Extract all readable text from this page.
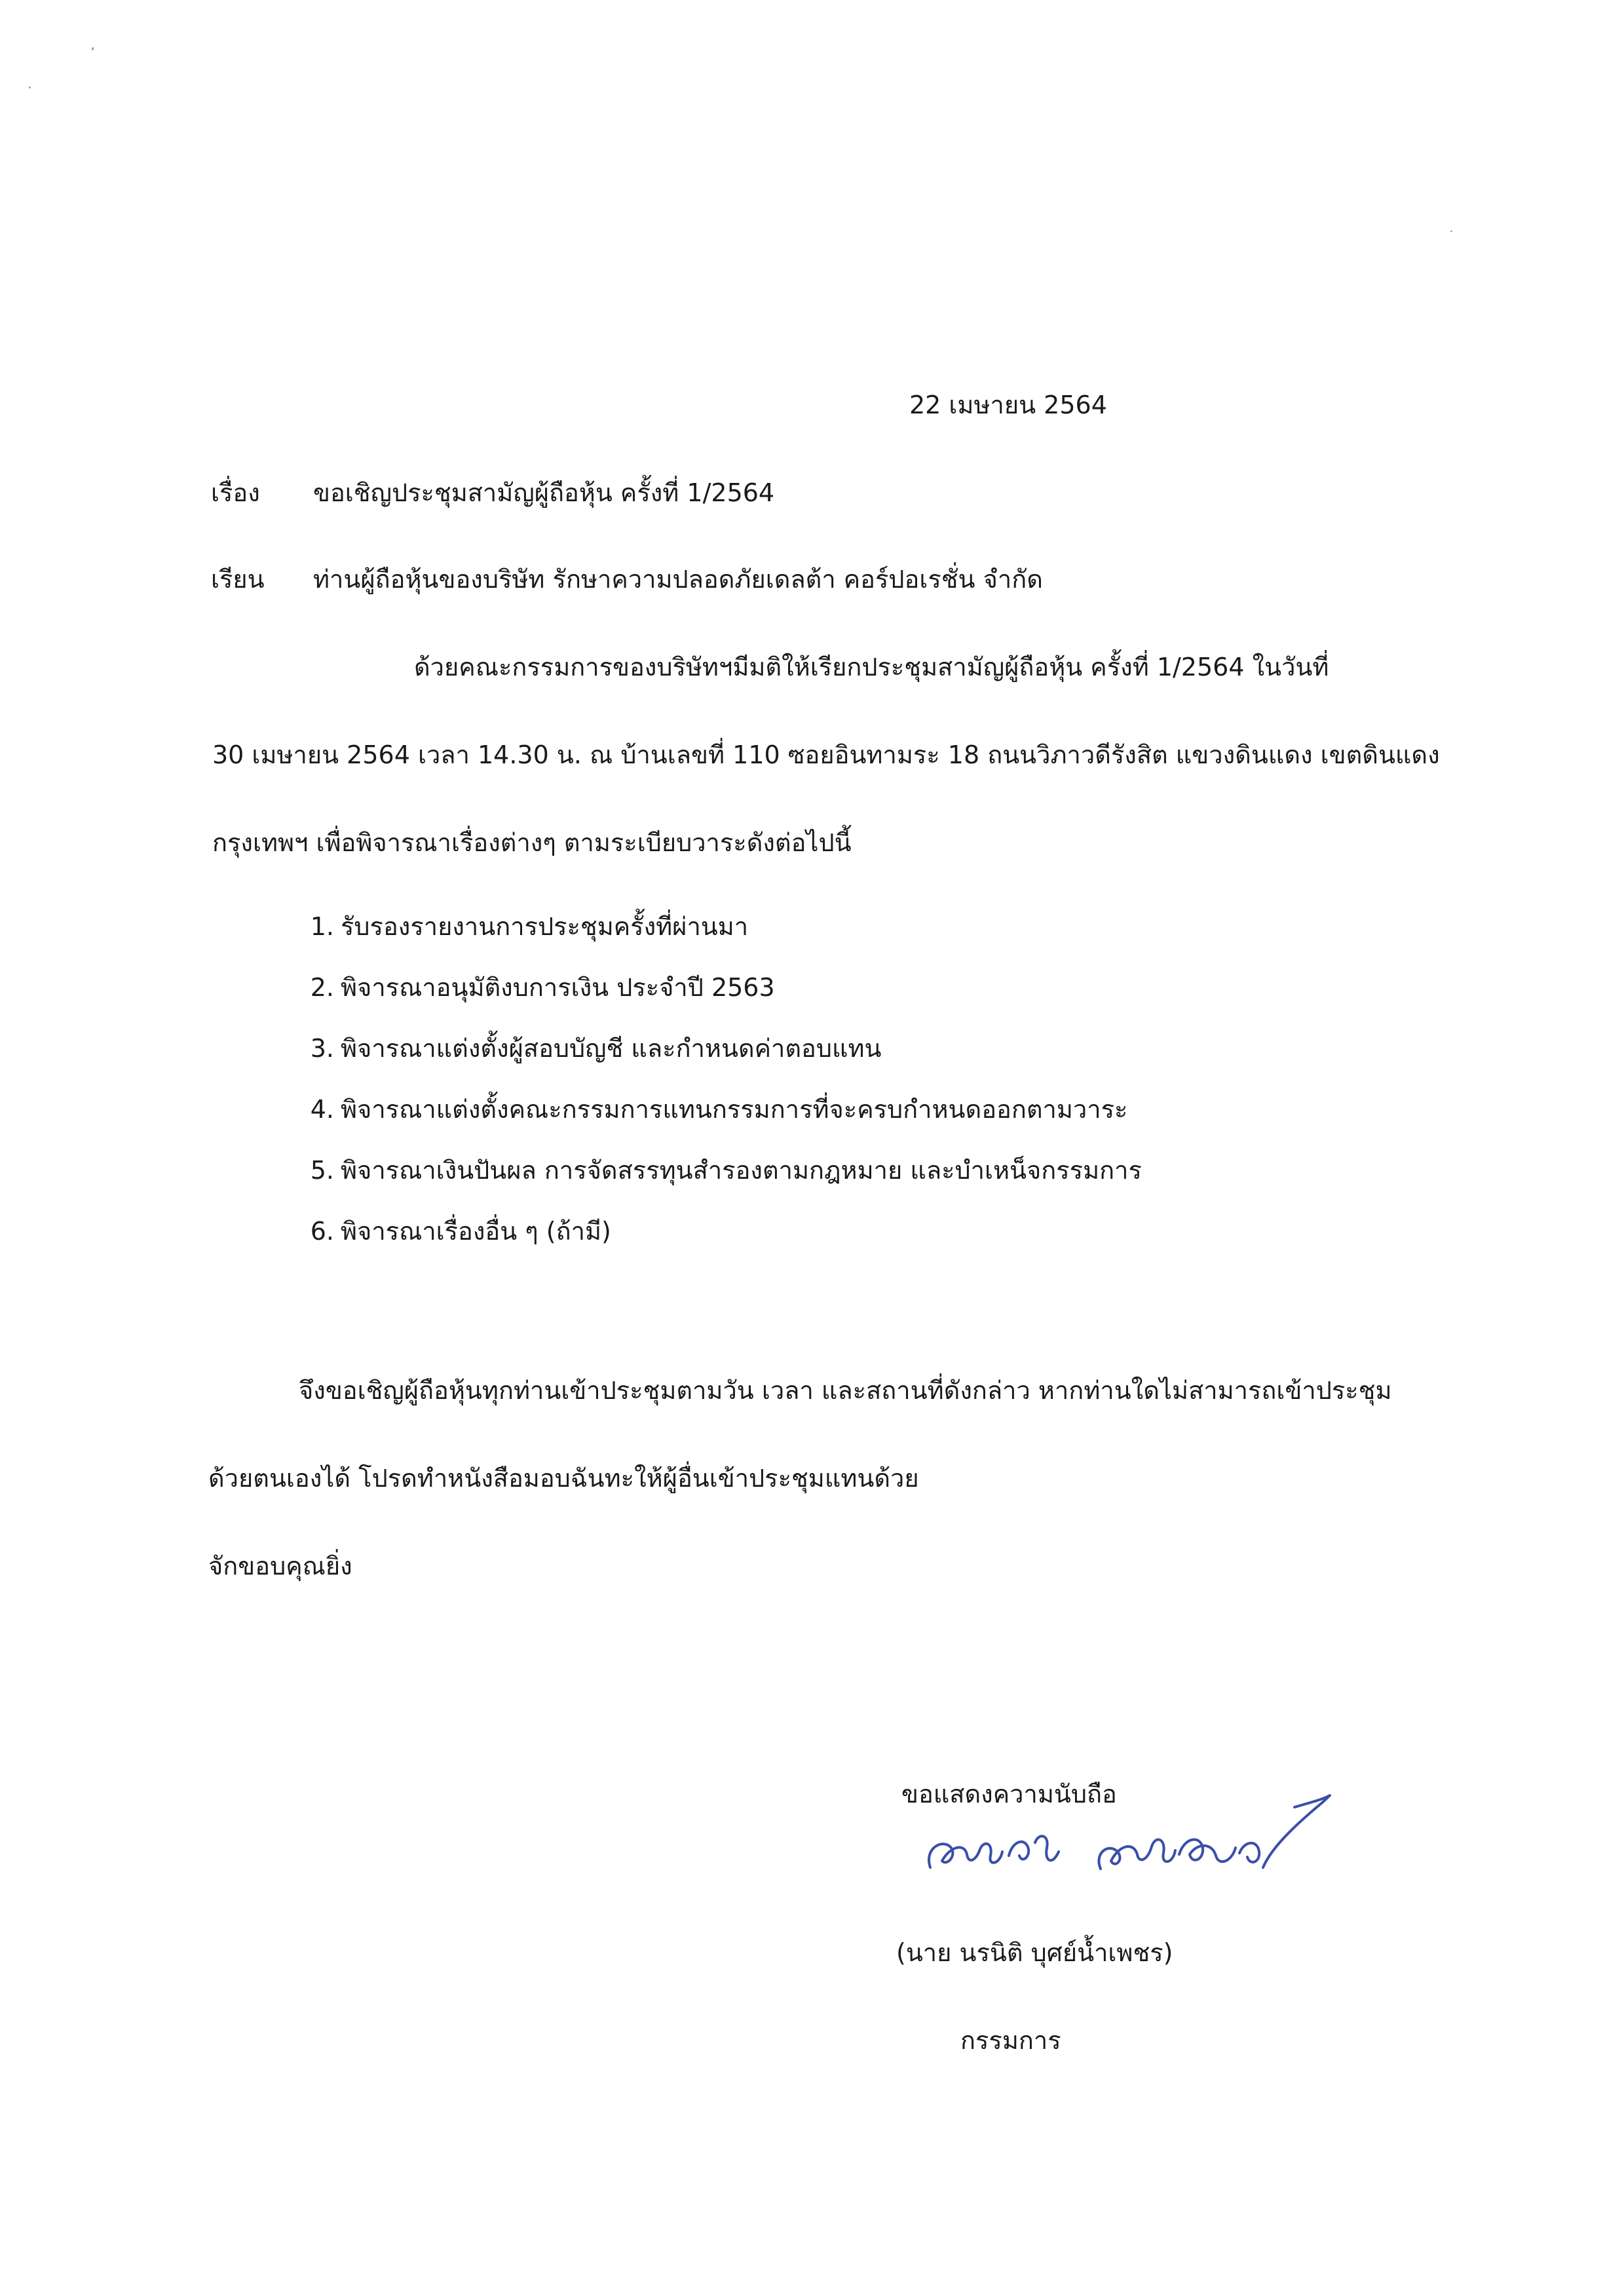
22 เมษายน 2564
เรื่อง ขอเชิญประชุมสามัญผู้ถือหุ้น ครั้งที่ 1/2564
เรียน ท่านผู้ถือหุ้นของบริษัท รักษาความปลอดภัยเดลต้า คอร์ปอเรชั่น จำกัด
ด้วยคณะกรรมการของบริษัทฯมีมติให้เรียกประชุมสามัญผู้ถือหุ้น ครั้งที่ 1/2564 ในวันที่
30 เมษายน 2564 เวลา 14.30 น. ณ บ้านเลขที่ 110 ซอยอินทามระ 18 ถนนวิภาวดีรังสิต แขวงดินแดง เขตดินแดง
กรุงเทพฯ เพื่อพิจารณาเรื่องต่างๆ ตามระเบียบวาระดังต่อไปนี้
1. รับรองรายงานการประชุมครั้งที่ผ่านมา
2. พิจารณาอนุมัติงบการเงิน ประจำปี 2563
3. พิจารณาแต่งตั้งผู้สอบบัญชี และกำหนดค่าตอบแทน
4. พิจารณาแต่งตั้งคณะกรรมการแทนกรรมการที่จะครบกำหนดออกตามวาระ
5. พิจารณาเงินปันผล การจัดสรรทุนสำรองตามกฎหมาย และบำเหน็จกรรมการ
6. พิจารณาเรื่องอื่น ๆ (ถ้ามี)
จึงขอเชิญผู้ถือหุ้นทุกท่านเข้าประชุมตามวัน เวลา และสถานที่ดังกล่าว หากท่านใดไม่สามารถเข้าประชุม
ด้วยตนเองได้ โปรดทำหนังสือมอบฉันทะให้ผู้อื่นเข้าประชุมแทนด้วย
จักขอบคุณยิ่ง
ขอแสดงความนับถือ
(นาย นรนิติ บุศย์น้ำเพชร)
กรรมการ
